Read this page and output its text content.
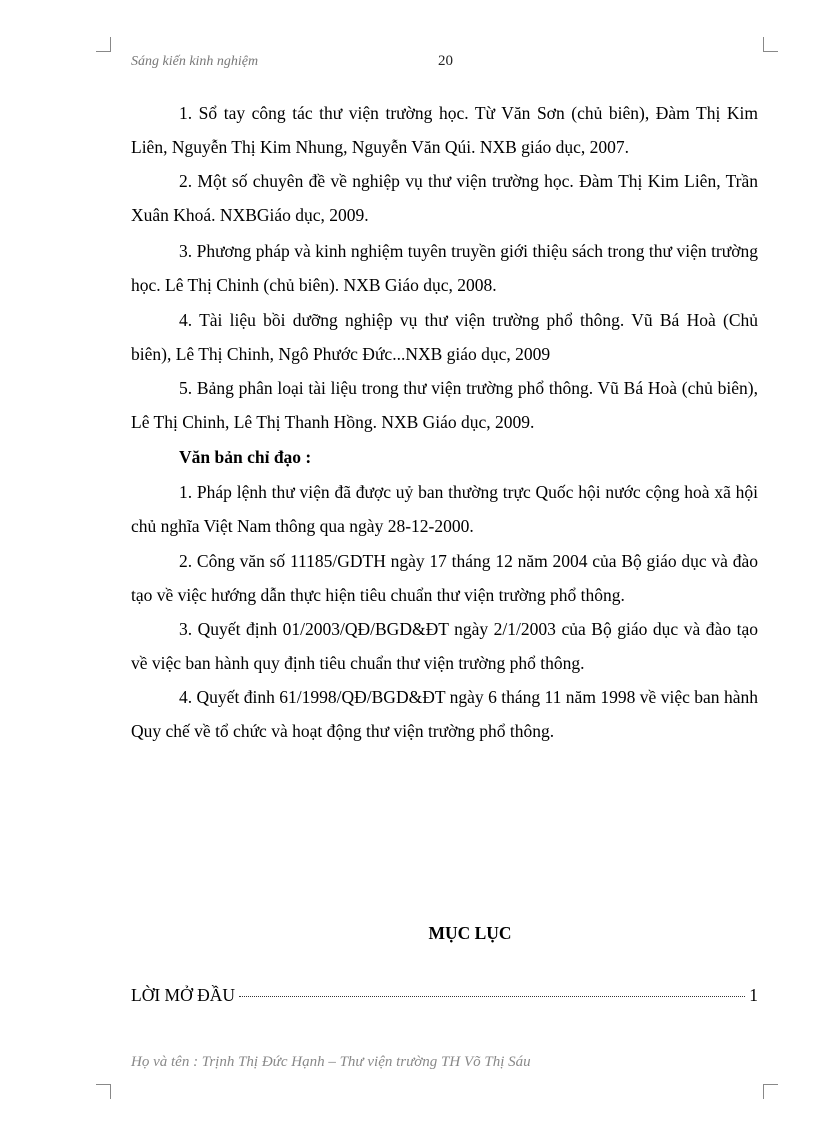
Sáng kiến kinh nghiệm	20
1. Sổ tay công tác thư viện trường học. Từ Văn Sơn (chủ biên), Đàm Thị Kim Liên, Nguyễn Thị Kim Nhung, Nguyễn Văn Qúi. NXB giáo dục, 2007.
2. Một số chuyên đề về nghiệp vụ thư viện trường học. Đàm Thị Kim Liên, Trần Xuân Khoá. NXBGiáo dục, 2009.
3. Phương pháp và kinh nghiệm tuyên truyền giới thiệu sách trong thư viện trường học. Lê Thị Chinh (chủ biên). NXB Giáo dục, 2008.
4. Tài liệu bồi dưỡng nghiệp vụ thư viện trường phổ thông. Vũ Bá Hoà (Chủ biên), Lê Thị Chinh, Ngô Phước Đức...NXB giáo dục, 2009
5. Bảng phân loại tài liệu trong thư viện trường phổ thông. Vũ Bá Hoà (chủ biên), Lê Thị Chinh, Lê Thị Thanh Hồng. NXB Giáo dục, 2009.
Văn bản chỉ đạo :
1. Pháp lệnh thư viện đã được uỷ ban thường trực Quốc hội nước cộng hoà xã hội chủ nghĩa Việt Nam thông qua ngày 28-12-2000.
2. Công văn số 11185/GDTH ngày 17 tháng 12 năm 2004 của Bộ giáo dục và đào tạo về việc hướng dẫn thực hiện tiêu chuẩn thư viện trường phổ thông.
3. Quyết định 01/2003/QĐ/BGD&ĐT ngày 2/1/2003 của Bộ giáo dục và đào tạo về việc ban hành quy định tiêu chuẩn thư viện trường phổ thông.
4. Quyết đinh 61/1998/QĐ/BGD&ĐT ngày 6 tháng 11 năm 1998 về việc ban hành Quy chế về tổ chức và hoạt động thư viện trường phổ thông.
MỤC LỤC
LỜI MỞ ĐẦU	1
Họ và tên : Trịnh Thị Đức Hạnh – Thư viện trường TH Võ Thị Sáu
